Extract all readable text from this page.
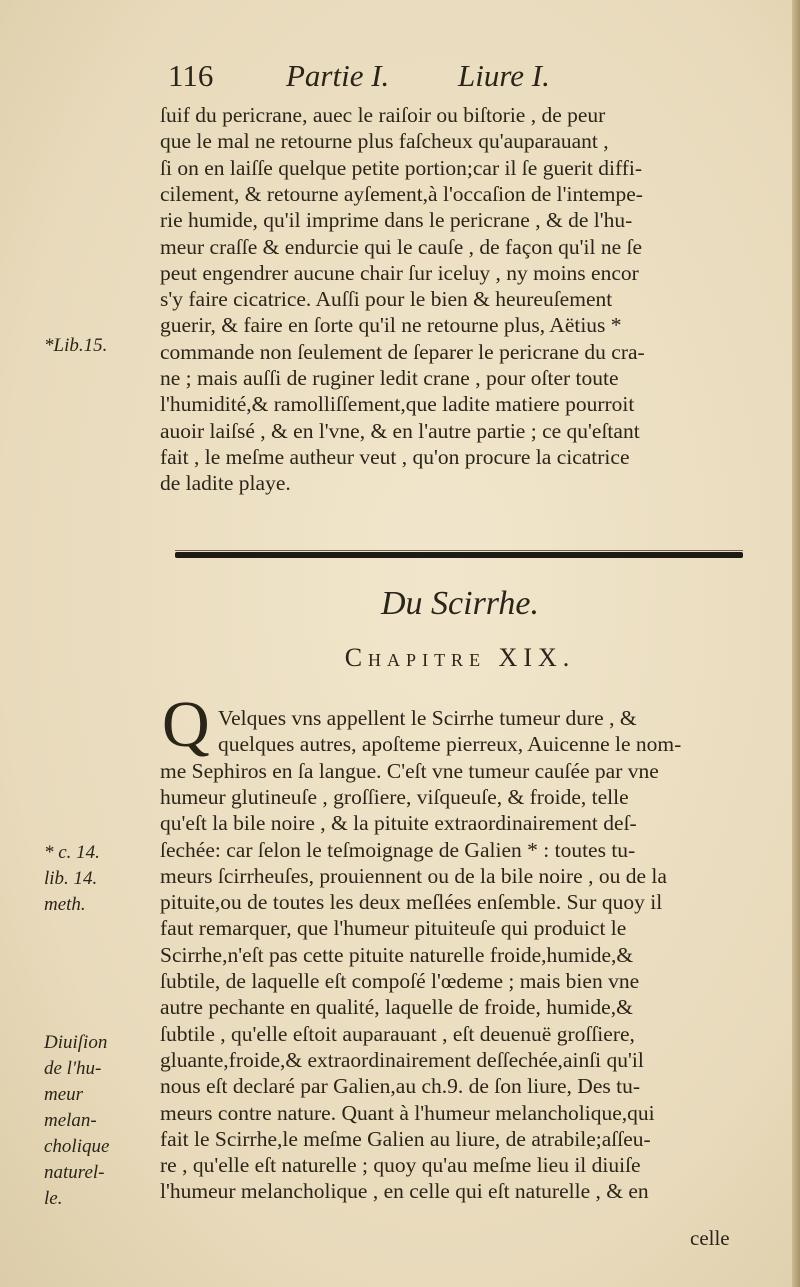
116 Partie I. Liure I.
ſuif du pericrane, auec le raiſoir ou biſtorie , de peur
que le mal ne retourne plus faſcheux qu'auparauant ,
ſi on en laiſſe quelque petite portion;car il ſe guerit diffi-
cilement, & retourne ayſement,à l'occaſion de l'intempe-
rie humide, qu'il imprime dans le pericrane , & de l'hu-
meur craſſe & endurcie qui le cauſe , de façon qu'il ne ſe
peut engendrer aucune chair ſur iceluy , ny moins encor
s'y faire cicatrice. Auſſi pour le bien & heureuſement
guerir, & faire en ſorte qu'il ne retourne plus, Aëtius *
commande non ſeulement de ſeparer le pericrane du cra-
ne ; mais auſſi de ruginer ledit crane , pour oſter toute
l'humidité,& ramolliſſement,que ladite matiere pourroit
auoir laiſsé , & en l'vne, & en l'autre partie ; ce qu'eſtant
fait , le meſme autheur veut , qu'on procure la cicatrice
de ladite playe.
Du Scirrhe.
Chapitre XIX.
Q Velques vns appellent le Scirrhe tumeur dure , &
quelques autres, apoſteme pierreux, Auicenne le nom-
me Sephiros en ſa langue. C'eſt vne tumeur cauſée par vne
humeur glutineuſe , groſſiere, viſqueuſe, & froide, telle
qu'eſt la bile noire , & la pituite extraordinairement deſ-
ſechée: car ſelon le teſmoignage de Galien * : toutes tu-
meurs ſcirrheuſes, prouiennent ou de la bile noire , ou de la
pituite,ou de toutes les deux meſlées enſemble. Sur quoy il
faut remarquer, que l'humeur pituiteuſe qui produict le
Scirrhe,n'eſt pas cette pituite naturelle froide,humide,&
ſubtile, de laquelle eſt compoſé l'œdeme ; mais bien vne
autre pechante en qualité, laquelle de froide, humide,&
ſubtile , qu'elle eſtoit auparauant , eſt deuenuë groſſiere,
gluante,froide,& extraordinairement deſſechée,ainſi qu'il
nous eſt declaré par Galien,au ch.9. de ſon liure, Des tu-
meurs contre nature. Quant à l'humeur melancholique,qui
fait le Scirrhe,le meſme Galien au liure, de atrabile;aſſeu-
re , qu'elle eſt naturelle ; quoy qu'au meſme lieu il diuiſe
l'humeur melancholique , en celle qui eſt naturelle , & en
*Lib.15.
* c. 14.
lib. 14.
meth.
Diuiſion
de l'hu-
meur
melan-
cholique
naturel-
le.
celle
